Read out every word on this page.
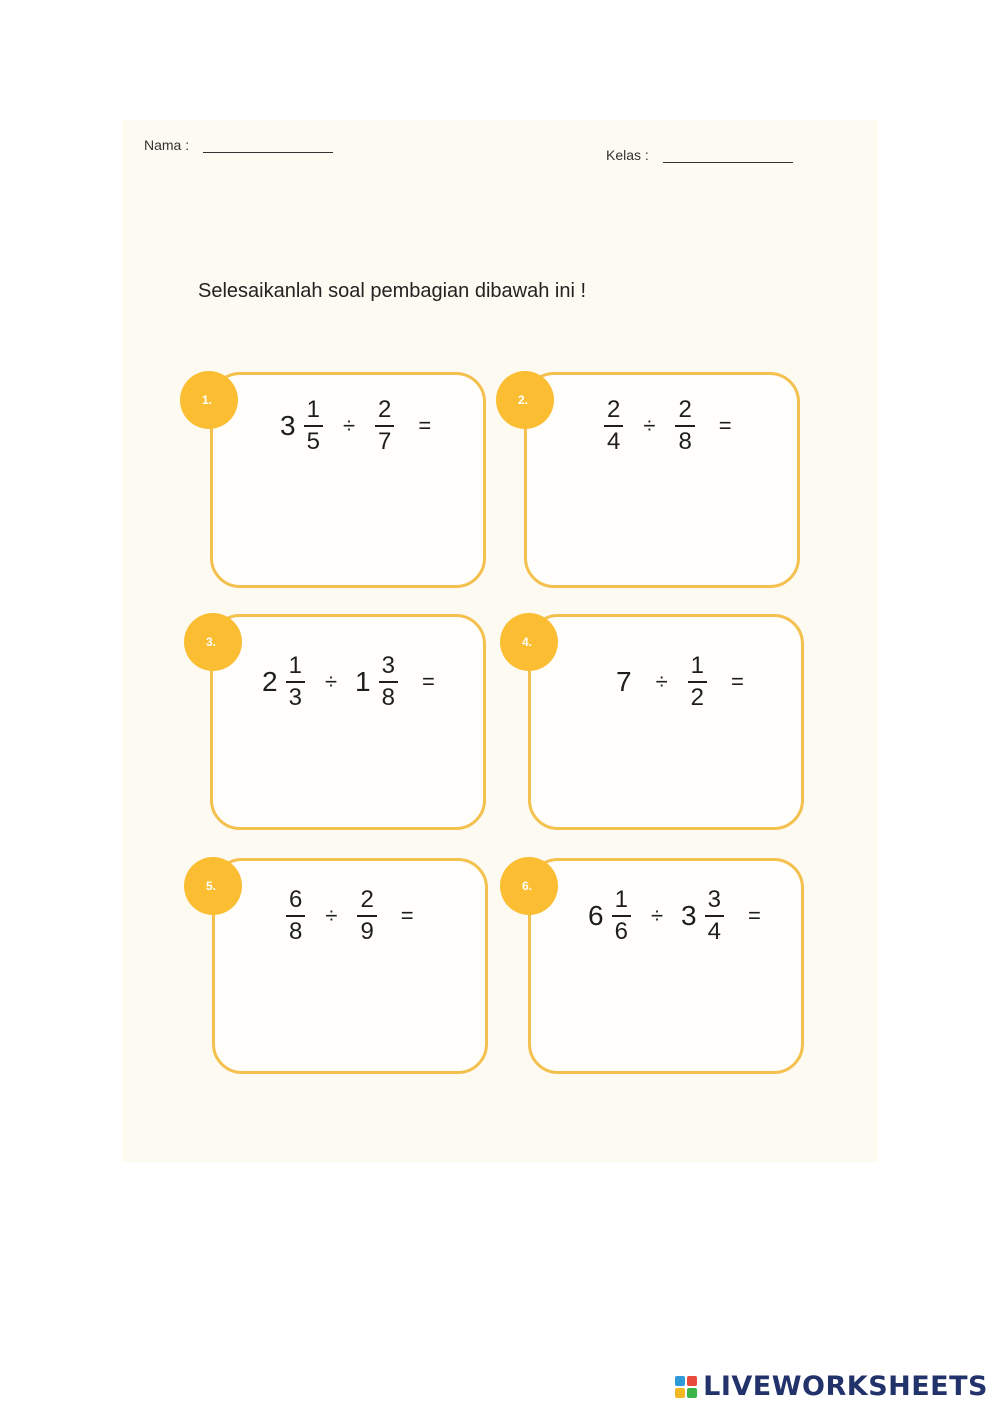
Nama :
Kelas :
Selesaikanlah soal pembagian dibawah ini !
1.
$3 \frac{1}{5} \div \frac{2}{7}$ =
2.	$\frac{2}{4} \div \frac{2}{8}$ =
3.
$2 \frac{1}{3} \div 1 \frac{3}{8}$ =
4.
$7 \div \frac{1}{2}$ =
5.
$\frac{6}{8} \div \frac{2}{9}$ =
6.
$6 \frac{1}{6} \div 3 \frac{3}{4}$ =
LIVEWORKSHEETS
